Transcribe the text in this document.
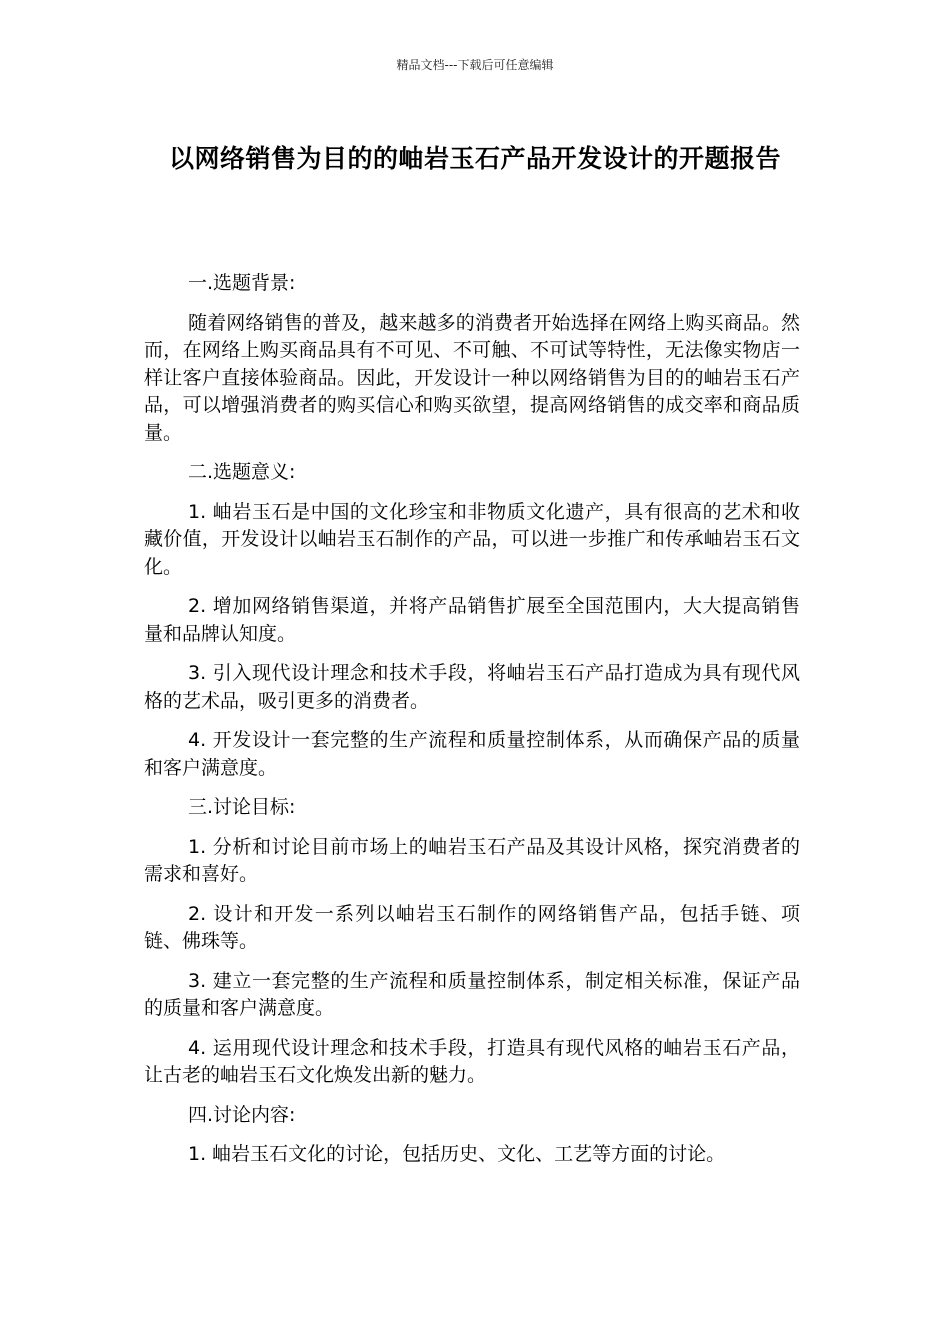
精品文档---下载后可任意编辑
以网络销售为目的的岫岩玉石产品开发设计的开题报告

一.选题背景:

随着网络销售的普及，越来越多的消费者开始选择在网络上购买商品。然而，在网络上购买商品具有不可见、不可触、不可试等特性，无法像实物店一样让客户直接体验商品。因此，开发设计一种以网络销售为目的的岫岩玉石产品，可以增强消费者的购买信心和购买欲望，提高网络销售的成交率和商品质量。

二.选题意义:

1. 岫岩玉石是中国的文化珍宝和非物质文化遗产，具有很高的艺术和收藏价值，开发设计以岫岩玉石制作的产品，可以进一步推广和传承岫岩玉石文化。

2. 增加网络销售渠道，并将产品销售扩展至全国范围内，大大提高销售量和品牌认知度。

3. 引入现代设计理念和技术手段，将岫岩玉石产品打造成为具有现代风格的艺术品，吸引更多的消费者。

4. 开发设计一套完整的生产流程和质量控制体系，从而确保产品的质量和客户满意度。

三.讨论目标:

1. 分析和讨论目前市场上的岫岩玉石产品及其设计风格，探究消费者的需求和喜好。

2. 设计和开发一系列以岫岩玉石制作的网络销售产品，包括手链、项链、佛珠等。

3. 建立一套完整的生产流程和质量控制体系，制定相关标准，保证产品的质量和客户满意度。

4. 运用现代设计理念和技术手段，打造具有现代风格的岫岩玉石产品，让古老的岫岩玉石文化焕发出新的魅力。

四.讨论内容:

1. 岫岩玉石文化的讨论，包括历史、文化、工艺等方面的讨论。
